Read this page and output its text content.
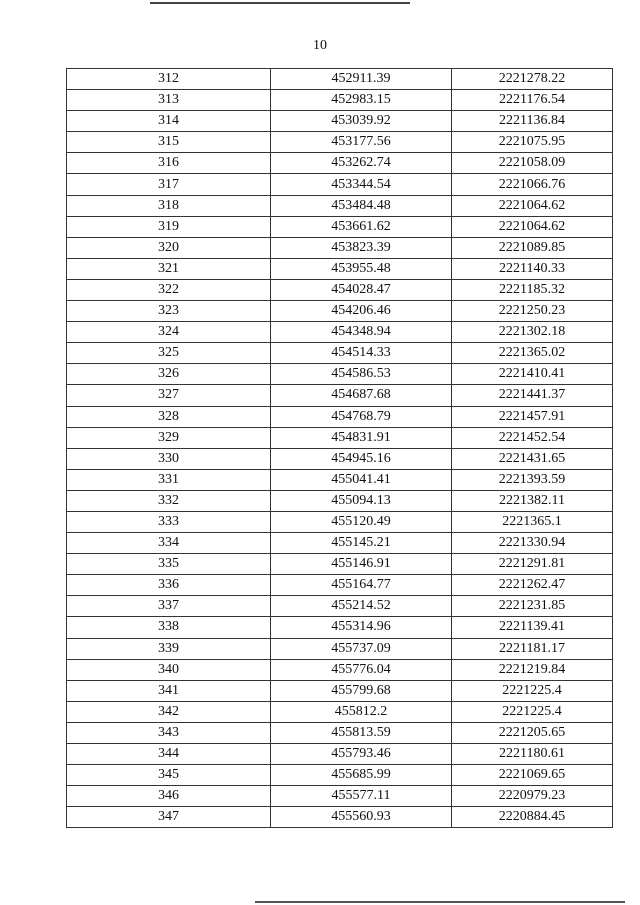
10
312	452911.39	2221278.22
313	452983.15	2221176.54
314	453039.92	2221136.84
315	453177.56	2221075.95
316	453262.74	2221058.09
317	453344.54	2221066.76
318	453484.48	2221064.62
319	453661.62	2221064.62
320	453823.39	2221089.85
321	453955.48	2221140.33
322	454028.47	2221185.32
323	454206.46	2221250.23
324	454348.94	2221302.18
325	454514.33	2221365.02
326	454586.53	2221410.41
327	454687.68	2221441.37
328	454768.79	2221457.91
329	454831.91	2221452.54
330	454945.16	2221431.65
331	455041.41	2221393.59
332	455094.13	2221382.11
333	455120.49	2221365.1
334	455145.21	2221330.94
335	455146.91	2221291.81
336	455164.77	2221262.47
337	455214.52	2221231.85
338	455314.96	2221139.41
339	455737.09	2221181.17
340	455776.04	2221219.84
341	455799.68	2221225.4
342	455812.2	2221225.4
343	455813.59	2221205.65
344	455793.46	2221180.61
345	455685.99	2221069.65
346	455577.11	2220979.23
347	455560.93	2220884.45
